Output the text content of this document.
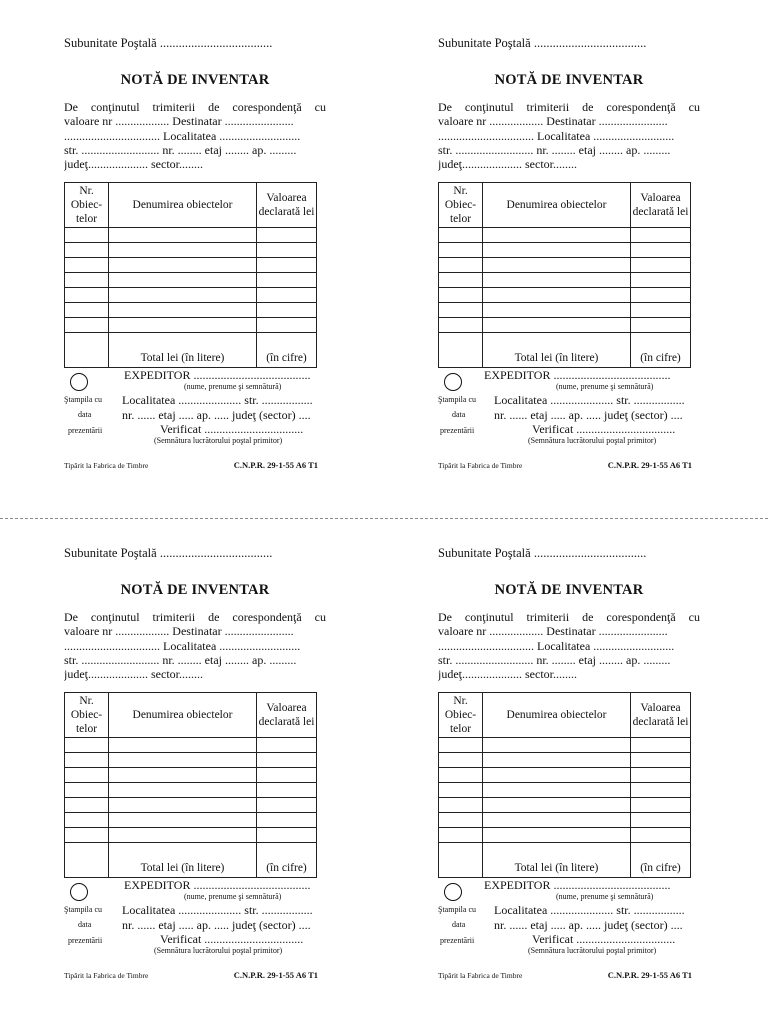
Subunitate Poştală ....................................
NOTĂ DE INVENTAR
De conţinutul trimiterii de corespondenţă cu
valoare nr .................. Destinatar .......................
................................ Localitatea ...........................
str. .......................... nr. ........ etaj ........ ap. .........
judeţ.................... sector........
Nr. Obiec- telor	Denumirea obiectelor	Valoarea declarată lei

	Total lei (în litere)	(în cifre)
EXPEDITOR .......................................
(nume, prenume şi semnătură)
Ştampila cu Localitatea ..................... str. .................
data	nr. ...... etaj ..... ap. ..... judeţ (sector) ....
prezentării	Verificat .................................
(Semnătura lucrătorului poştal primitor)
Tipărit la Fabrica de Timbre	C.N.P.R. 29-1-55 A6 T1
Subunitate Poştală ....................................
NOTĂ DE INVENTAR
De conţinutul trimiterii de corespondenţă cu
valoare nr .................. Destinatar .......................
................................ Localitatea ...........................
str. .......................... nr. ........ etaj ........ ap. .........
judeţ.................... sector........
Nr. Obiec- telor	Denumirea obiectelor	Valoarea declarată lei

	Total lei (în litere)	(în cifre)
EXPEDITOR .......................................
(nume, prenume şi semnătură)
Ştampila cu Localitatea ..................... str. .................
data nr. ...... etaj ..... ap. ..... judeţ (sector) ....
prezentării	Verificat .................................
(Semnătura lucrătorului poştal primitor)
Tipărit la Fabrica de Timbre	C.N.P.R. 29-1-55 A6 T1
Subunitate Poştală ....................................
NOTĂ DE INVENTAR
De conţinutul trimiterii de corespondenţă cu
valoare nr .................. Destinatar .......................
................................ Localitatea ...........................
str. .......................... nr. ........ etaj ........ ap. .........
judeţ.................... sector........
Nr. Obiec- telor	Denumirea obiectelor	Valoarea declarată lei

	Total lei (în litere)	(în cifre)
EXPEDITOR .......................................
(nume, prenume şi semnătură)
Ştampila cu Localitatea ..................... str. .................
data	nr. ...... etaj ..... ap. ..... judeţ (sector) ....
prezentării	Verificat .................................
(Semnătura lucrătorului poştal primitor)
Tipărit la Fabrica de Timbre	C.N.P.R. 29-1-55 A6 T1
Subunitate Poştală ....................................
NOTĂ DE INVENTAR
De conţinutul trimiterii de corespondenţă cu
valoare nr .................. Destinatar .......................
................................ Localitatea ...........................
str. .......................... nr. ........ etaj ........ ap. .........
judeţ.................... sector........
Nr. Obiec- telor	Denumirea obiectelor	Valoarea declarată lei

	Total lei (în litere)	(în cifre)
EXPEDITOR .......................................
(nume, prenume şi semnătură)
Ştampila cu Localitatea ..................... str. .................
data nr. ...... etaj ..... ap. ..... judeţ (sector) ....
prezentării	Verificat .................................
(Semnătura lucrătorului poştal primitor)
Tipărit la Fabrica de Timbre	C.N.P.R. 29-1-55 A6 T1
